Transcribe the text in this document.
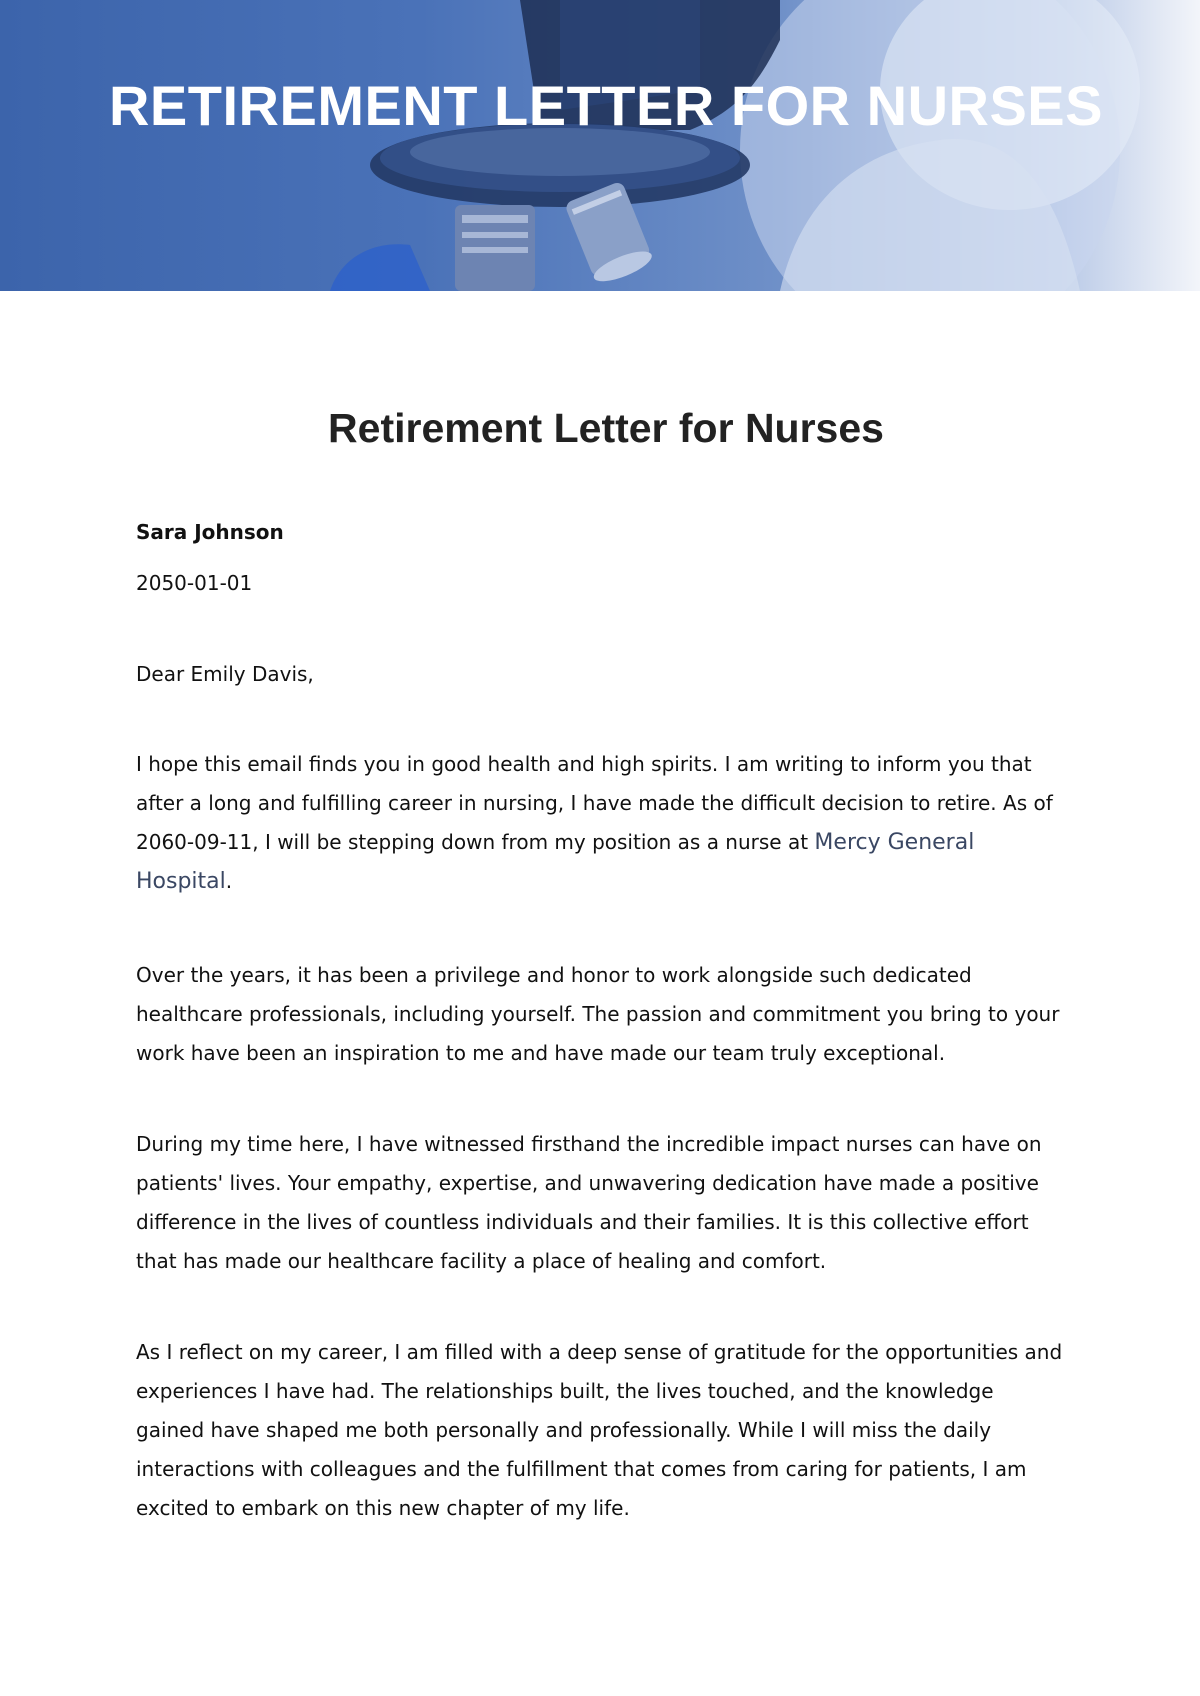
RETIREMENT LETTER FOR NURSES
Retirement Letter for Nurses
Sara Johnson
2050-01-01
Dear Emily Davis,

I hope this email finds you in good health and high spirits. I am writing to inform you that after a long and fulfilling career in nursing, I have made the difficult decision to retire. As of 2060-09-11, I will be stepping down from my position as a nurse at Mercy General Hospital.

Over the years, it has been a privilege and honor to work alongside such dedicated healthcare professionals, including yourself. The passion and commitment you bring to your work have been an inspiration to me and have made our team truly exceptional.

During my time here, I have witnessed firsthand the incredible impact nurses can have on patients' lives. Your empathy, expertise, and unwavering dedication have made a positive difference in the lives of countless individuals and their families. It is this collective effort that has made our healthcare facility a place of healing and comfort.

As I reflect on my career, I am filled with a deep sense of gratitude for the opportunities and experiences I have had. The relationships built, the lives touched, and the knowledge gained have shaped me both personally and professionally. While I will miss the daily interactions with colleagues and the fulfillment that comes from caring for patients, I am excited to embark on this new chapter of my life.
